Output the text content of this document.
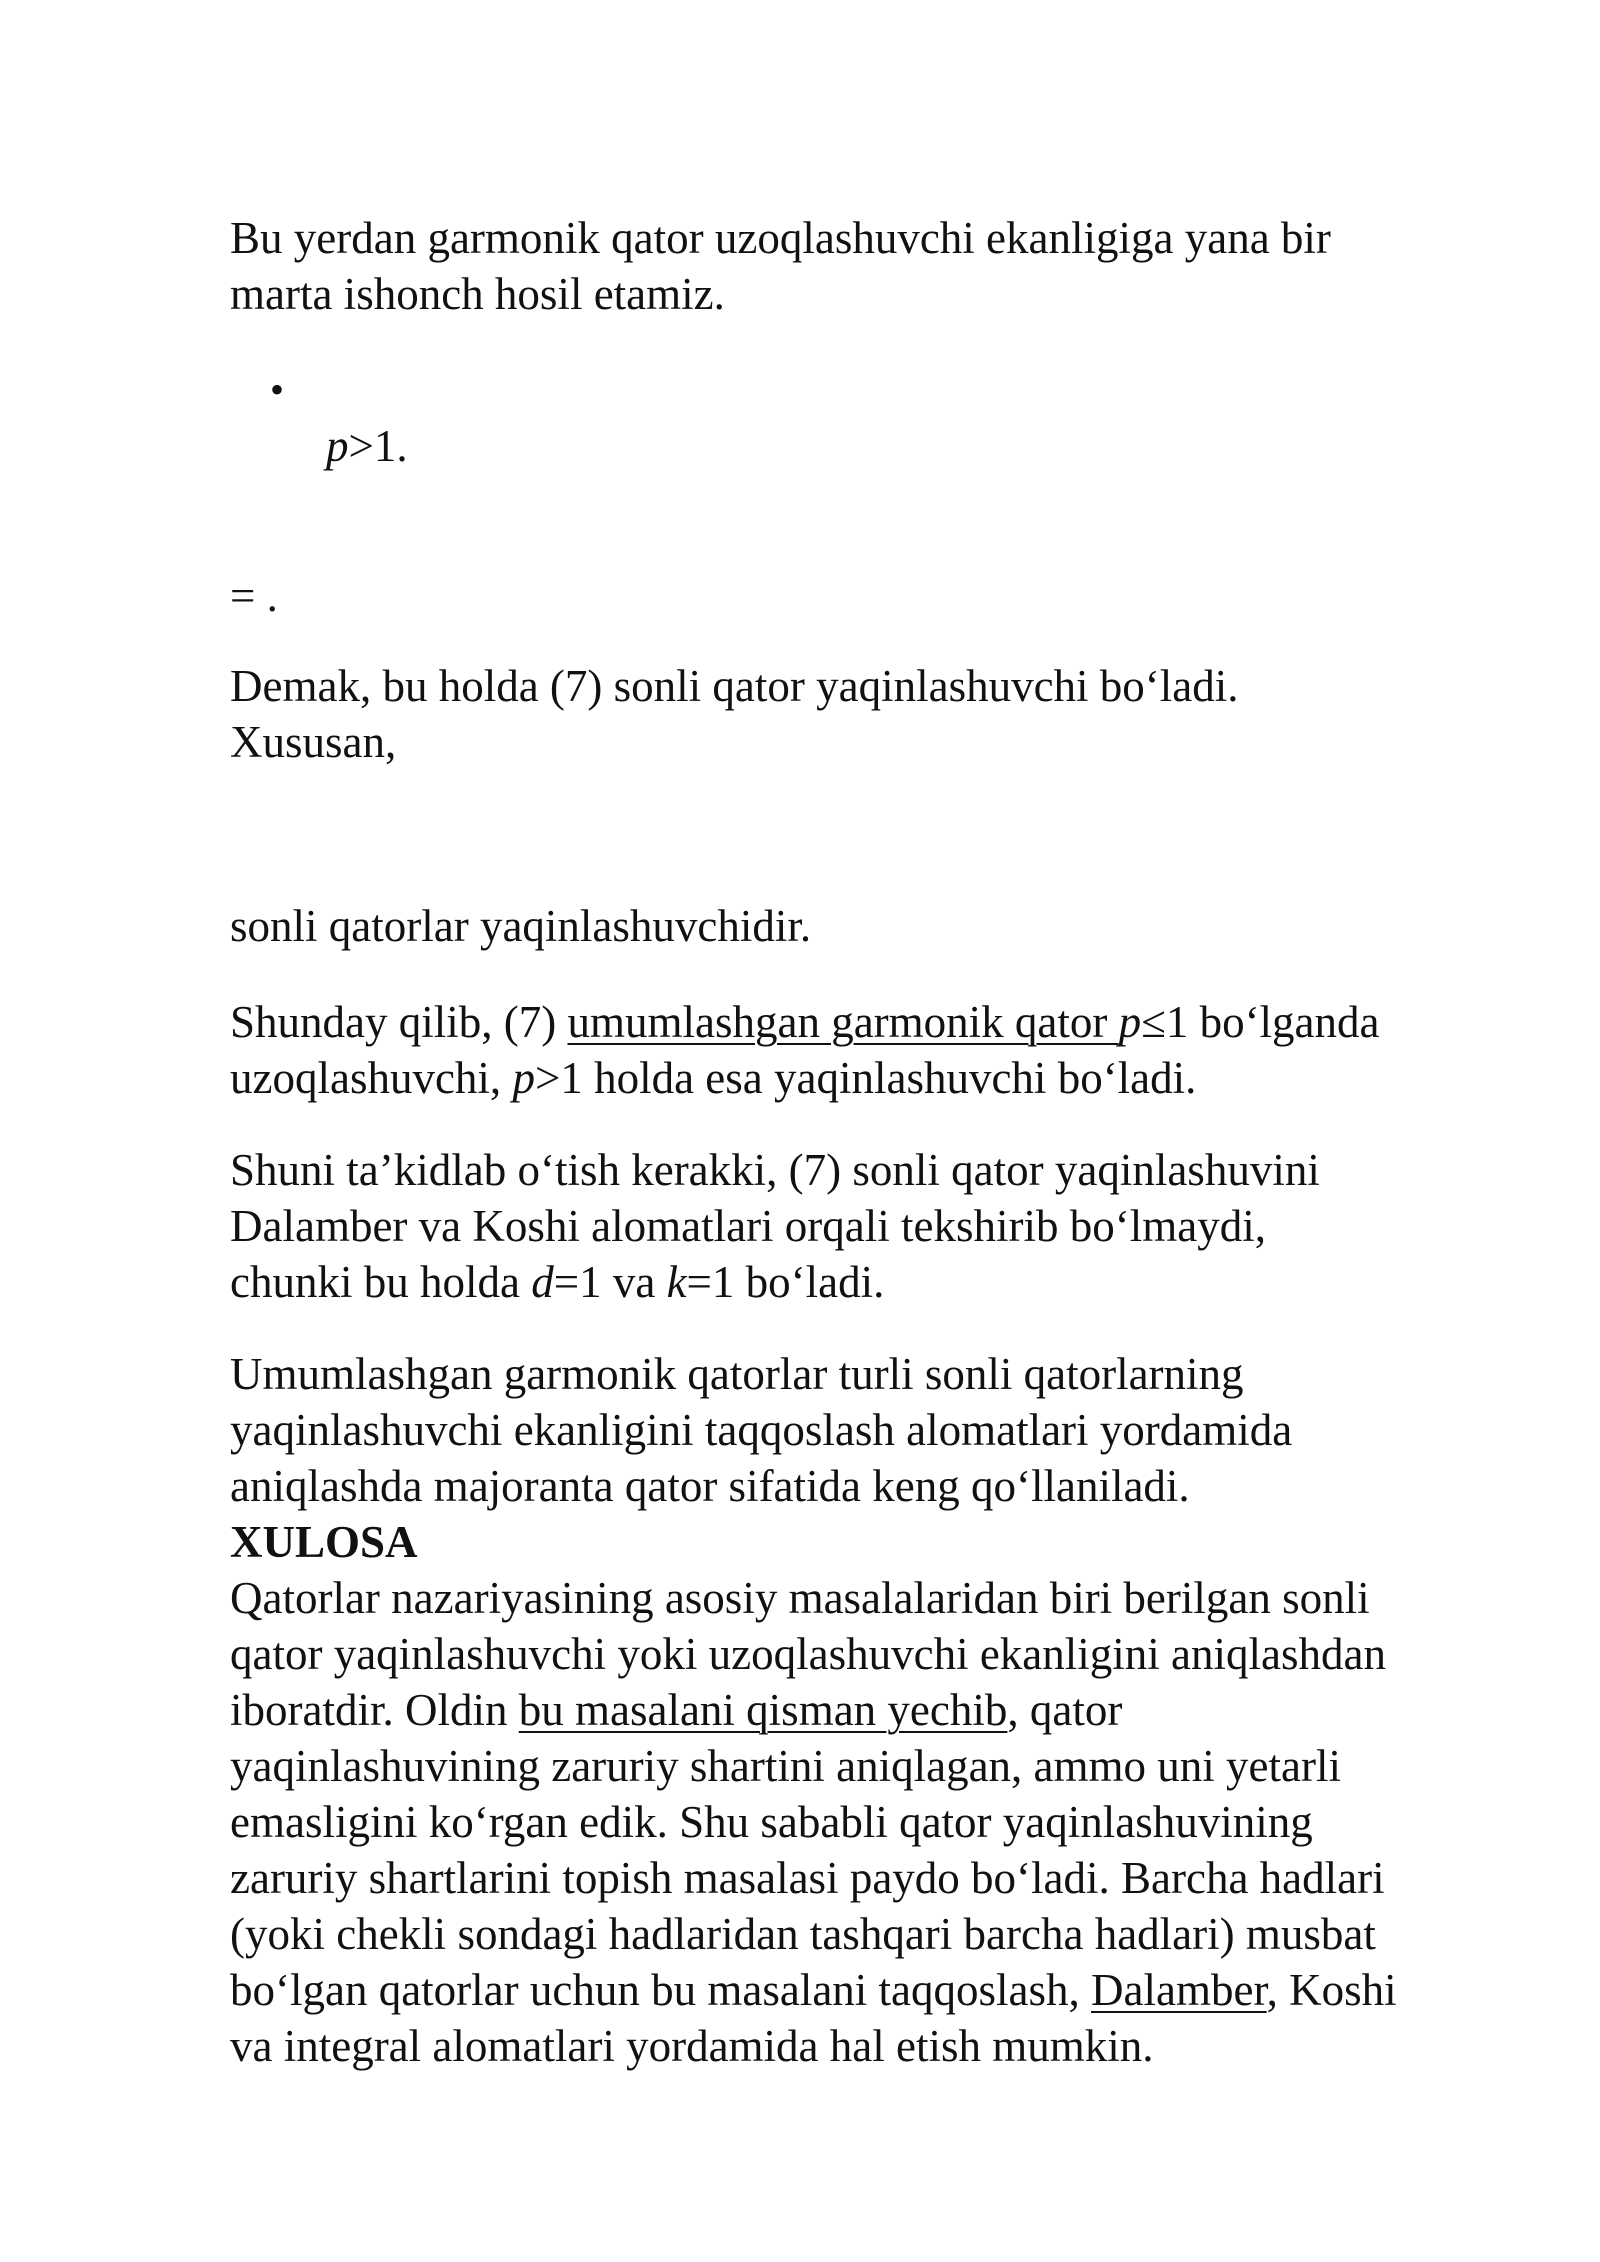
Bu yerdan garmonik qator uzoqlashuvchi ekanligiga yana bir
marta ishonch hosil etamiz.
•
p>1.
= .
Demak, bu holda (7) sonli qator yaqinlashuvchi bo‘ladi.
Xususan,
sonli qatorlar yaqinlashuvchidir.
Shunday qilib, (7) umumlashgan garmonik qator p≤1 bo‘lganda
uzoqlashuvchi, p>1 holda esa yaqinlashuvchi bo‘ladi.
Shuni ta’kidlab o‘tish kerakki, (7) sonli qator yaqinlashuvini
Dalamber va Koshi alomatlari orqali tekshirib bo‘lmaydi,
chunki bu holda d=1 va k=1 bo‘ladi.
Umumlashgan garmonik qatorlar turli sonli qatorlarning
yaqinlashuvchi ekanligini taqqoslash alomatlari yordamida
aniqlashda majoranta qator sifatida keng qo‘llaniladi.
XULOSA
Qatorlar nazariyasining asosiy masalalaridan biri berilgan sonli
qator yaqinlashuvchi yoki uzoqlashuvchi ekanligini aniqlashdan
iboratdir. Oldin bu masalani qisman yechib, qator
yaqinlashuvining zaruriy shartini aniqlagan, ammo uni yetarli
emasligini ko‘rgan edik. Shu sababli qator yaqinlashuvining
zaruriy shartlarini topish masalasi paydo bo‘ladi. Barcha hadlari
(yoki chekli sondagi hadlaridan tashqari barcha hadlari) musbat
bo‘lgan qatorlar uchun bu masalani taqqoslash, Dalamber, Koshi
va integral alomatlari yordamida hal etish mumkin.
